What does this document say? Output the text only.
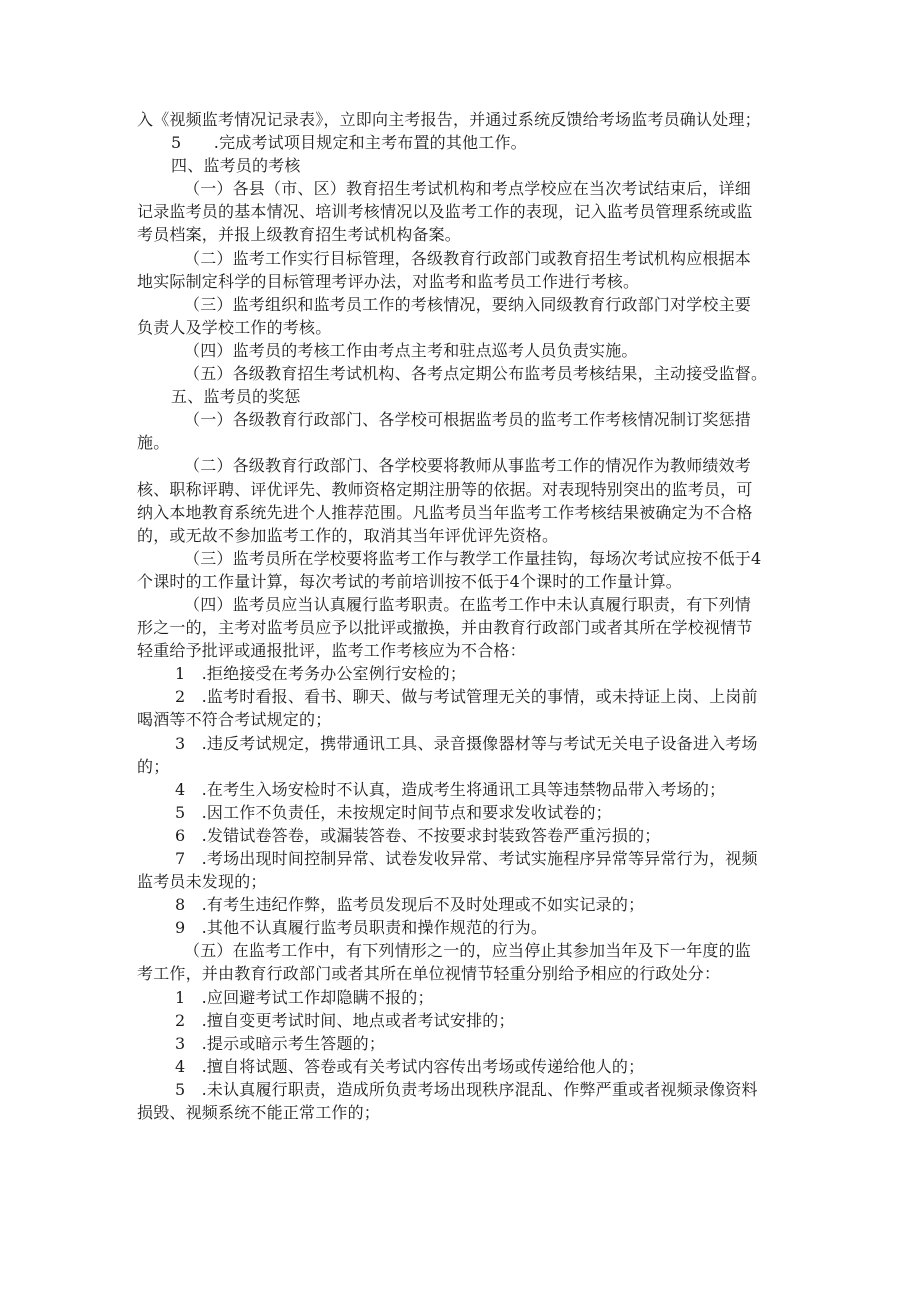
入《视频监考情况记录表》，立即向主考报告，并通过系统反馈给考场监考员确认处理；

5　　.完成考试项目规定和主考布置的其他工作。

四、监考员的考核

（一）各县（市、区）教育招生考试机构和考点学校应在当次考试结束后，详细

记录监考员的基本情况、培训考核情况以及监考工作的表现，记入监考员管理系统或监

考员档案，并报上级教育招生考试机构备案。

（二）监考工作实行目标管理，各级教育行政部门或教育招生考试机构应根据本

地实际制定科学的目标管理考评办法，对监考和监考员工作进行考核。

（三）监考组织和监考员工作的考核情况，要纳入同级教育行政部门对学校主要

负责人及学校工作的考核。

（四）监考员的考核工作由考点主考和驻点巡考人员负责实施。

（五）各级教育招生考试机构、各考点定期公布监考员考核结果，主动接受监督。

五、监考员的奖惩

（一）各级教育行政部门、各学校可根据监考员的监考工作考核情况制订奖惩措

施。

（二）各级教育行政部门、各学校要将教师从事监考工作的情况作为教师绩效考

核、职称评聘、评优评先、教师资格定期注册等的依据。对表现特别突出的监考员，可

纳入本地教育系统先进个人推荐范围。凡监考员当年监考工作考核结果被确定为不合格

的，或无故不参加监考工作的，取消其当年评优评先资格。

（三）监考员所在学校要将监考工作与教学工作量挂钩，每场次考试应按不低于4

个课时的工作量计算，每次考试的考前培训按不低于4个课时的工作量计算。

（四）监考员应当认真履行监考职责。在监考工作中未认真履行职责，有下列情

形之一的，主考对监考员应予以批评或撤换，并由教育行政部门或者其所在学校视情节

轻重给予批评或通报批评，监考工作考核应为不合格：

1　.拒绝接受在考务办公室例行安检的；

2　.监考时看报、看书、聊天、做与考试管理无关的事情，或未持证上岗、上岗前

喝酒等不符合考试规定的；

3　.违反考试规定，携带通讯工具、录音摄像器材等与考试无关电子设备进入考场

的；

4　.在考生入场安检时不认真，造成考生将通讯工具等违禁物品带入考场的；

5　.因工作不负责任，未按规定时间节点和要求发收试卷的；

6　.发错试卷答卷，或漏装答卷、不按要求封装致答卷严重污损的；

7　.考场出现时间控制异常、试卷发收异常、考试实施程序异常等异常行为，视频

监考员未发现的；

8　.有考生违纪作弊，监考员发现后不及时处理或不如实记录的；

9　.其他不认真履行监考员职责和操作规范的行为。

（五）在监考工作中，有下列情形之一的，应当停止其参加当年及下一年度的监

考工作，并由教育行政部门或者其所在单位视情节轻重分别给予相应的行政处分：

1　.应回避考试工作却隐瞒不报的；

2　.擅自变更考试时间、地点或者考试安排的；

3　.提示或暗示考生答题的；

4　.擅自将试题、答卷或有关考试内容传出考场或传递给他人的；

5　.未认真履行职责，造成所负责考场出现秩序混乱、作弊严重或者视频录像资料

损毁、视频系统不能正常工作的；
